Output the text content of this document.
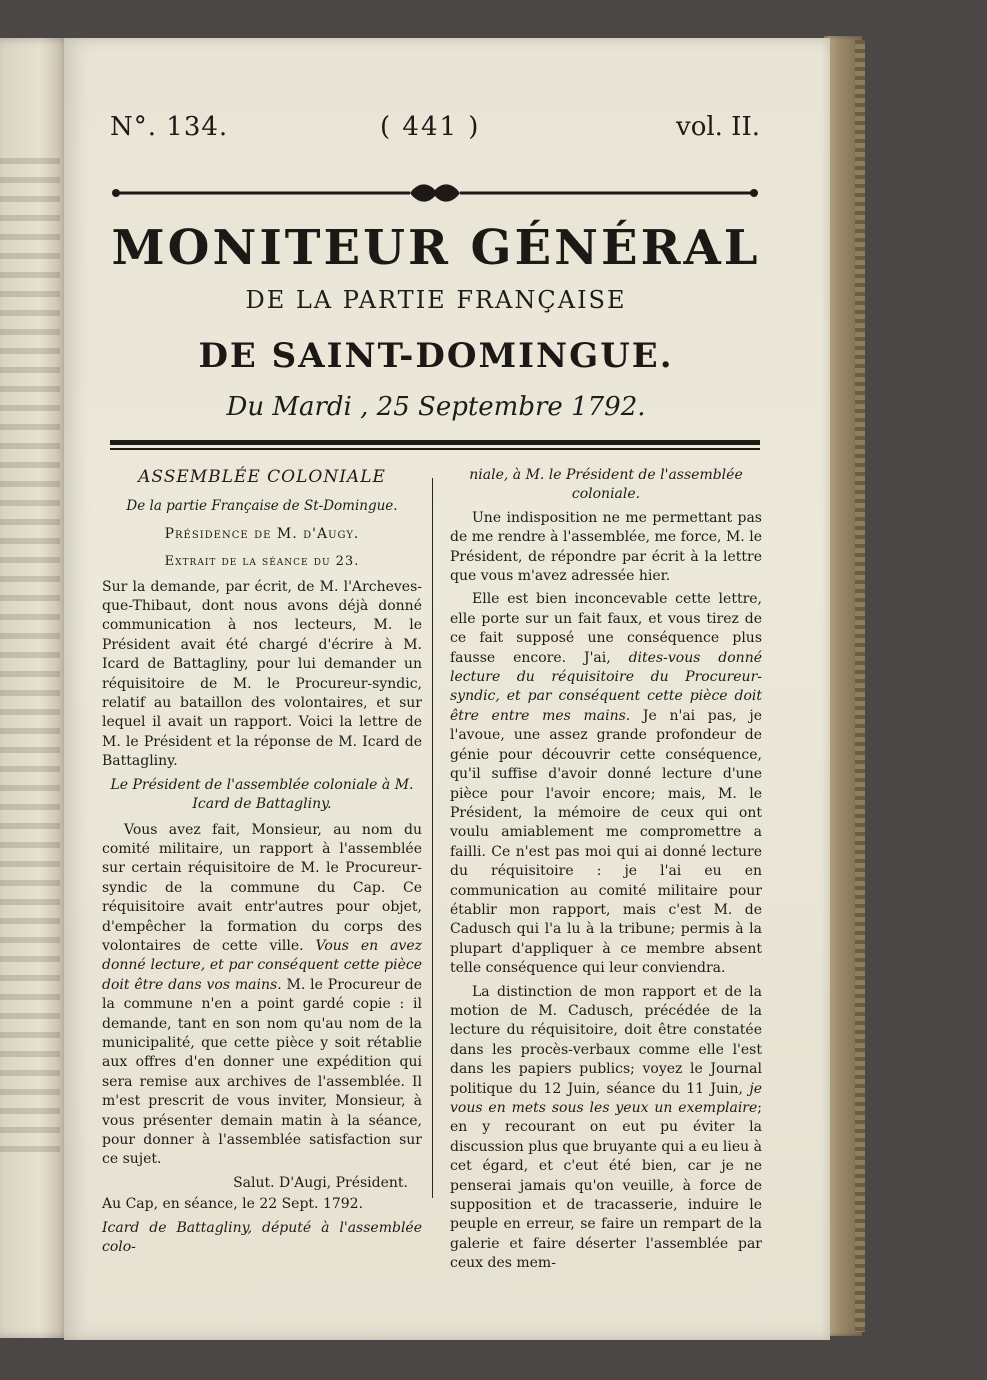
N°. 134.	( 441 )	vol. II.
MONITEUR GÉNÉRAL
DE LA PARTIE FRANÇAISE
DE SAINT-DOMINGUE.
Du Mardi , 25 Septembre 1792.
ASSEMBLÉE COLONIALE
De la partie Française de St-Domingue.
Présidence de M. d'Augy.
Extrait de la séance du 23.

Sur la demande, par écrit, de M. l'Archeves-que-Thibaut, dont nous avons déjà donné communication à nos lecteurs, M. le Président avait été chargé d'écrire à M. Icard de Battagliny, pour lui demander un réquisitoire de M. le Procureur-syndic, relatif au bataillon des volontaires, et sur lequel il avait un rapport. Voici la lettre de M. le Président et la réponse de M. Icard de Battagliny.

Le Président de l'assemblée coloniale à M. Icard de Battagliny.

Vous avez fait, Monsieur, au nom du comité militaire, un rapport à l'assemblée sur certain réquisitoire de M. le Procureur-syndic de la commune du Cap. Ce réquisitoire avait entr'autres pour objet, d'empêcher la formation du corps des volontaires de cette ville. Vous en avez donné lecture, et par conséquent cette pièce doit être dans vos mains. M. le Procureur de la commune n'en a point gardé copie : il demande, tant en son nom qu'au nom de la municipalité, que cette pièce y soit rétablie aux offres d'en donner une expédition qui sera remise aux archives de l'assemblée. Il m'est prescrit de vous inviter, Monsieur, à vous présenter demain matin à la séance, pour donner à l'assemblée satisfaction sur ce sujet.

Salut. D'Augi, Président.
Au Cap, en séance, le 22 Sept. 1792.
Icard de Battagliny, député à l'assemblée colo-
niale, à M. le Président de l'assemblée coloniale.

Une indisposition ne me permettant pas de me rendre à l'assemblée, me force, M. le Président, de répondre par écrit à la lettre que vous m'avez adressée hier.

Elle est bien inconcevable cette lettre, elle porte sur un fait faux, et vous tirez de ce fait supposé une conséquence plus fausse encore. J'ai, dites-vous donné lecture du réquisitoire du Procureur-syndic, et par conséquent cette pièce doit être entre mes mains. Je n'ai pas, je l'avoue, une assez grande profondeur de génie pour découvrir cette conséquence, qu'il suffise d'avoir donné lecture d'une pièce pour l'avoir encore; mais, M. le Président, la mémoire de ceux qui ont voulu amiablement me compromettre a failli. Ce n'est pas moi qui ai donné lecture du réquisitoire : je l'ai eu en communication au comité militaire pour établir mon rapport, mais c'est M. de Cadusch qui l'a lu à la tribune; permis à la plupart d'appliquer à ce membre absent telle conséquence qui leur conviendra.

La distinction de mon rapport et de la motion de M. Cadusch, précédée de la lecture du réquisitoire, doit être constatée dans les procès-verbaux comme elle l'est dans les papiers publics; voyez le Journal politique du 12 Juin, séance du 11 Juin, je vous en mets sous les yeux un exemplaire; en y recourant on eut pu éviter la discussion plus que bruyante qui a eu lieu à cet égard, et c'eut été bien, car je ne penserai jamais qu'on veuille, à force de supposition et de tracasserie, induire le peuple en erreur, se faire un rempart de la galerie et faire déserter l'assemblée par ceux des mem-
